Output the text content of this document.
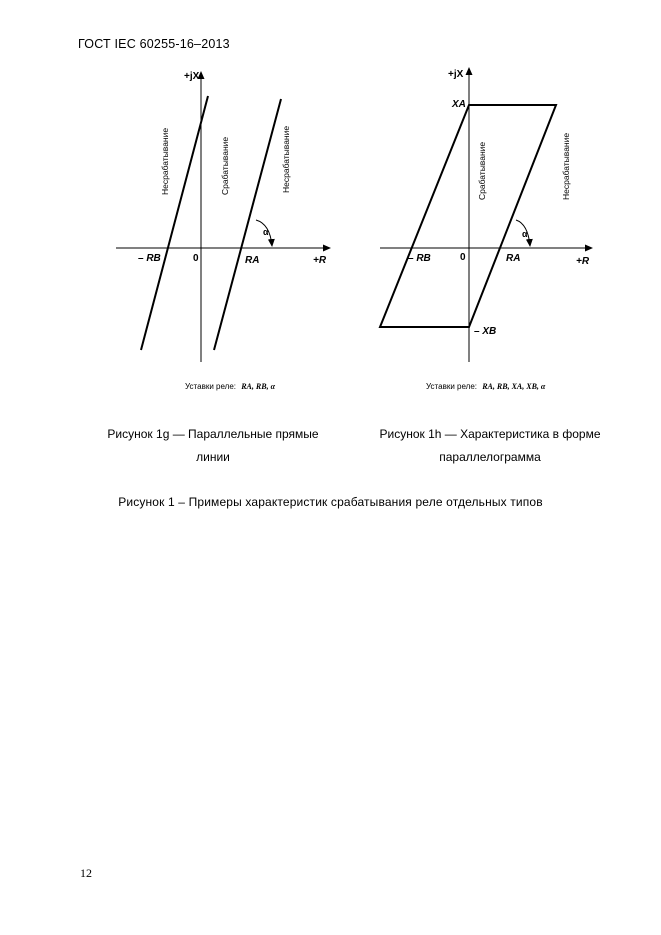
ГОСТ IEC 60255-16–2013
+jX
+R
0
– RB	RA
α
Несрабатывание	Срабатывание	Несрабатывание
Уставки реле: RA, RB, α
+jX
+R
0
– RB	RA
XA
– XB
α
Срабатывание	Несрабатывание
Уставки реле: RA, RB, XA, XB, α
Рисунок 1g — Параллельные прямые
линии
Рисунок 1h — Характеристика в форме
параллелограмма
Рисунок 1 – Примеры характеристик срабатывания реле отдельных типов
12
